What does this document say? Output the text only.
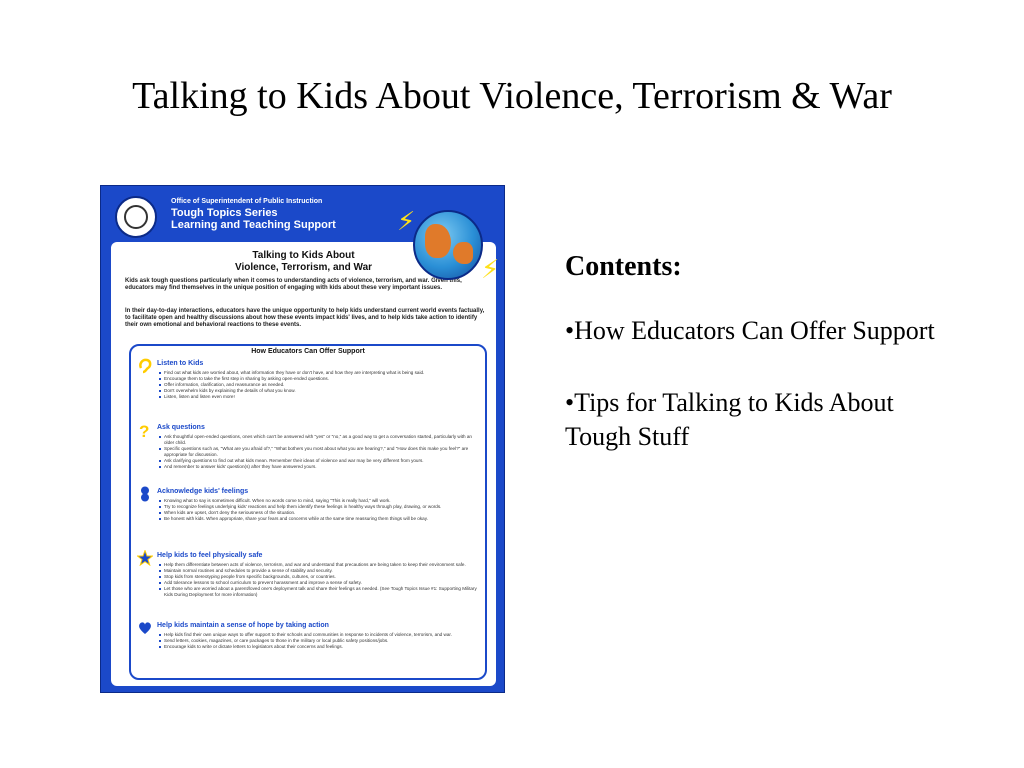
Talking to Kids About Violence, Terrorism & War
Office of Superintendent of Public Instruction
Tough Topics Series
Learning and Teaching Support
Talking to Kids About
Violence, Terrorism, and War
Kids ask tough questions particularly when it comes to understanding acts of violence, terrorism, and war. Given this, educators may find themselves in the unique position of engaging with kids about these very important issues.
In their day-to-day interactions, educators have the unique opportunity to help kids understand current world events factually, to facilitate open and healthy discussions about how these events impact kids' lives, and to help kids take action to identify their own emotional and behavioral reactions to these events.
How Educators Can Offer Support
Listen to Kids
Find out what kids are worried about, what information they have or don't have, and how they are interpreting what is being said.
Encourage them to take the first step in sharing by asking open-ended questions.
Offer information, clarification, and reassurance as needed.
Don't overwhelm kids by explaining the details of what you know.
Listen, listen and listen even more!
? Ask questions
Ask thoughtful open-ended questions, ones which can't be answered with "yes" or "no," as a good way to get a conversation started, particularly with an older child.
Specific questions such as, "What are you afraid of?," "What bothers you most about what you are hearing?," and "How does this make you feel?" are appropriate for discussion.
Ask clarifying questions to find out what kids mean. Remember their ideas of violence and war may be very different from yours.
And remember to answer kids' question(s) after they have answered yours.
Acknowledge kids' feelings
Knowing what to say is sometimes difficult. When no words come to mind, saying "This is really hard," will work.
Try to recognize feelings underlying kids' reactions and help them identify these feelings in healthy ways through play, drawing, or words.
When kids are upset, don't deny the seriousness of the situation.
Be honest with kids. When appropriate, share your fears and concerns while at the same time reassuring them things will be okay.
Help kids to feel physically safe
Help them differentiate between acts of violence, terrorism, and war and understand that precautions are being taken to keep their environment safe.
Maintain normal routines and schedules to provide a sense of stability and security.
Stop kids from stereotyping people from specific backgrounds, cultures, or countries.
Add tolerance lessons to school curriculum to prevent harassment and improve a sense of safety.
Let those who are worried about a parent/loved one's deployment talk and share their feelings as needed. (See Tough Topics Issue #1: Supporting Military Kids During Deployment for more information)
Help kids maintain a sense of hope by taking action
Help kids find their own unique ways to offer support to their schools and communities in response to incidents of violence, terrorism, and war.
Send letters, cookies, magazines, or care packages to those in the military or local public safety positions/jobs.
Encourage kids to write or dictate letters to legislators about their concerns and feelings.
⚡
⚡ Contents:
•How Educators Can Offer Support
•Tips for Talking to Kids About Tough Stuff
